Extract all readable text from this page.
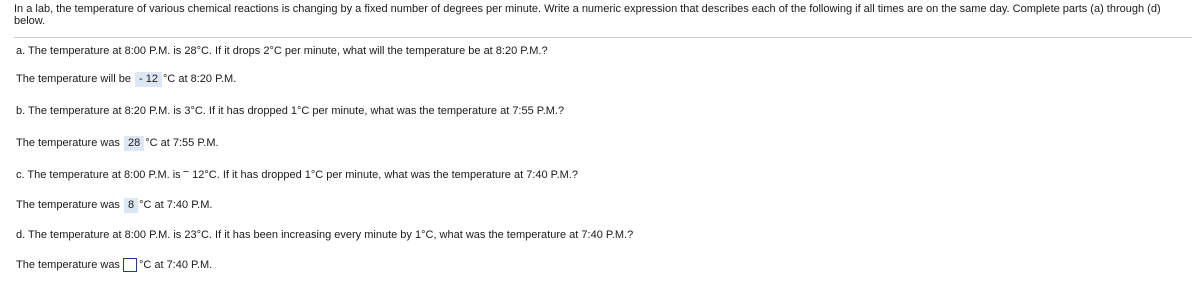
In a lab, the temperature of various chemical reactions is changing by a fixed number of degrees per minute. Write a numeric expression that describes each of the following if all times are on the same day. Complete parts (a) through (d) below.
a. The temperature at 8:00 P.M. is 28°C. If it drops 2°C per minute, what will the temperature be at 8:20 P.M.?
The temperature will be - 12 °C at 8:20 P.M.
b. The temperature at 8:20 P.M. is 3°C. If it has dropped 1°C per minute, what was the temperature at 7:55 P.M.?
The temperature was 28 °C at 7:55 P.M.
c. The temperature at 8:00 P.M. is − 12°C. If it has dropped 1°C per minute, what was the temperature at 7:40 P.M.?
The temperature was 8 °C at 7:40 P.M.
d. The temperature at 8:00 P.M. is 23°C. If it has been increasing every minute by 1°C, what was the temperature at 7:40 P.M.?
The temperature was °C at 7:40 P.M.
